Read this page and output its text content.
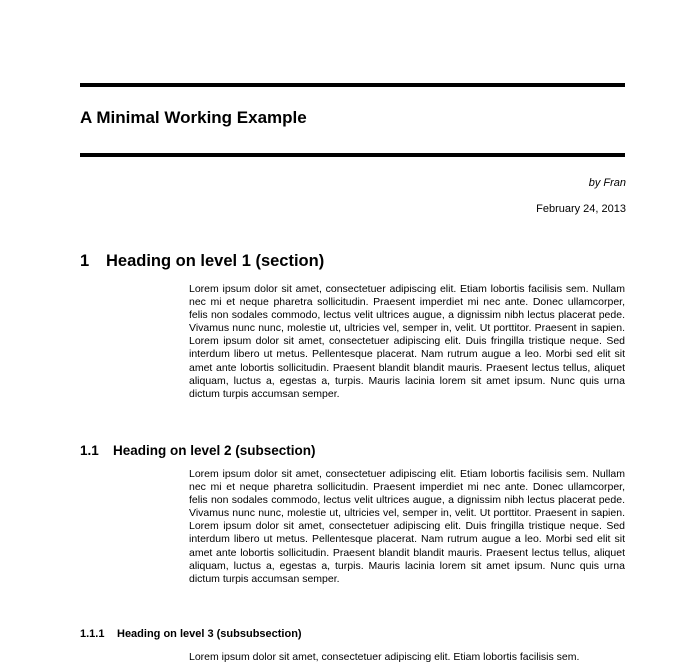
A Minimal Working Example
by Fran
February 24, 2013
1 Heading on level 1 (section)
Lorem ipsum dolor sit amet, consectetuer adipiscing elit. Etiam lobortis facilisis sem. Nullam nec mi et neque pharetra sollicitudin. Praesent imperdiet mi nec ante. Donec ullamcorper, felis non sodales commodo, lectus velit ultrices augue, a dignissim nibh lectus placerat pede. Vivamus nunc nunc, molestie ut, ultricies vel, semper in, velit. Ut porttitor. Praesent in sapien. Lorem ipsum dolor sit amet, consectetuer adipiscing elit. Duis fringilla tristique neque. Sed interdum libero ut metus. Pellentesque placerat. Nam rutrum augue a leo. Morbi sed elit sit amet ante lobortis sollicitudin. Praesent blandit blandit mauris. Praesent lectus tellus, aliquet aliquam, luctus a, egestas a, turpis. Mauris lacinia lorem sit amet ipsum. Nunc quis urna dictum turpis accumsan semper.
1.1 Heading on level 2 (subsection)
Lorem ipsum dolor sit amet, consectetuer adipiscing elit. Etiam lobortis facilisis sem. Nullam nec mi et neque pharetra sollicitudin. Praesent imperdiet mi nec ante. Donec ullamcorper, felis non sodales commodo, lectus velit ultrices augue, a dignissim nibh lectus placerat pede. Vivamus nunc nunc, molestie ut, ultricies vel, semper in, velit. Ut porttitor. Praesent in sapien. Lorem ipsum dolor sit amet, consectetuer adipiscing elit. Duis fringilla tristique neque. Sed interdum libero ut metus. Pellentesque placerat. Nam rutrum augue a leo. Morbi sed elit sit amet ante lobortis sollicitudin. Praesent blandit blandit mauris. Praesent lectus tellus, aliquet aliquam, luctus a, egestas a, turpis. Mauris lacinia lorem sit amet ipsum. Nunc quis urna dictum turpis accumsan semper.
1.1.1 Heading on level 3 (subsubsection)
Lorem ipsum dolor sit amet, consectetuer adipiscing elit. Etiam lobortis facilisis sem.
